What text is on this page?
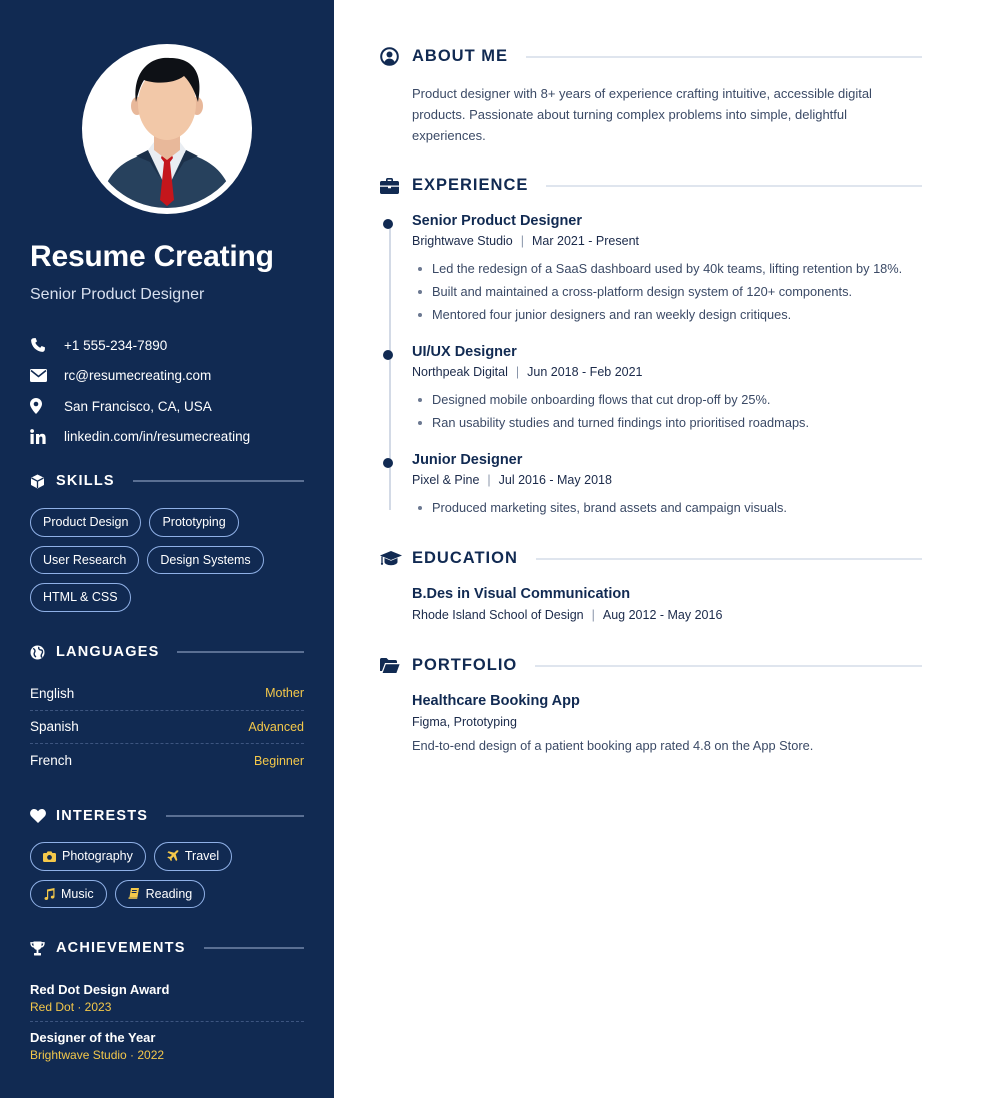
Resume Creating
Senior Product Designer
+1 555-234-7890
rc@resumecreating.com
San Francisco, CA, USA
linkedin.com/in/resumecreating
SKILLS
Product Design	Prototyping
User Research	Design Systems
HTML & CSS
LANGUAGES
English	Mother
Spanish	Advanced
French	Beginner
INTERESTS
Photography	Travel
Music	Reading
ACHIEVEMENTS
Red Dot Design Award
Red Dot · 2023
Designer of the Year
Brightwave Studio · 2022
ABOUT ME
Product designer with 8+ years of experience crafting intuitive, accessible digital products. Passionate about turning complex problems into simple, delightful experiences.
EXPERIENCE
Senior Product Designer
Brightwave Studio | Mar 2021 - Present
Led the redesign of a SaaS dashboard used by 40k teams, lifting retention by 18%.
Built and maintained a cross-platform design system of 120+ components.
Mentored four junior designers and ran weekly design critiques.
UI/UX Designer
Northpeak Digital | Jun 2018 - Feb 2021
Designed mobile onboarding flows that cut drop-off by 25%.
Ran usability studies and turned findings into prioritised roadmaps.
Junior Designer
Pixel & Pine | Jul 2016 - May 2018
Produced marketing sites, brand assets and campaign visuals.
EDUCATION
B.Des in Visual Communication
Rhode Island School of Design | Aug 2012 - May 2016
PORTFOLIO
Healthcare Booking App
Figma, Prototyping
End-to-end design of a patient booking app rated 4.8 on the App Store.
